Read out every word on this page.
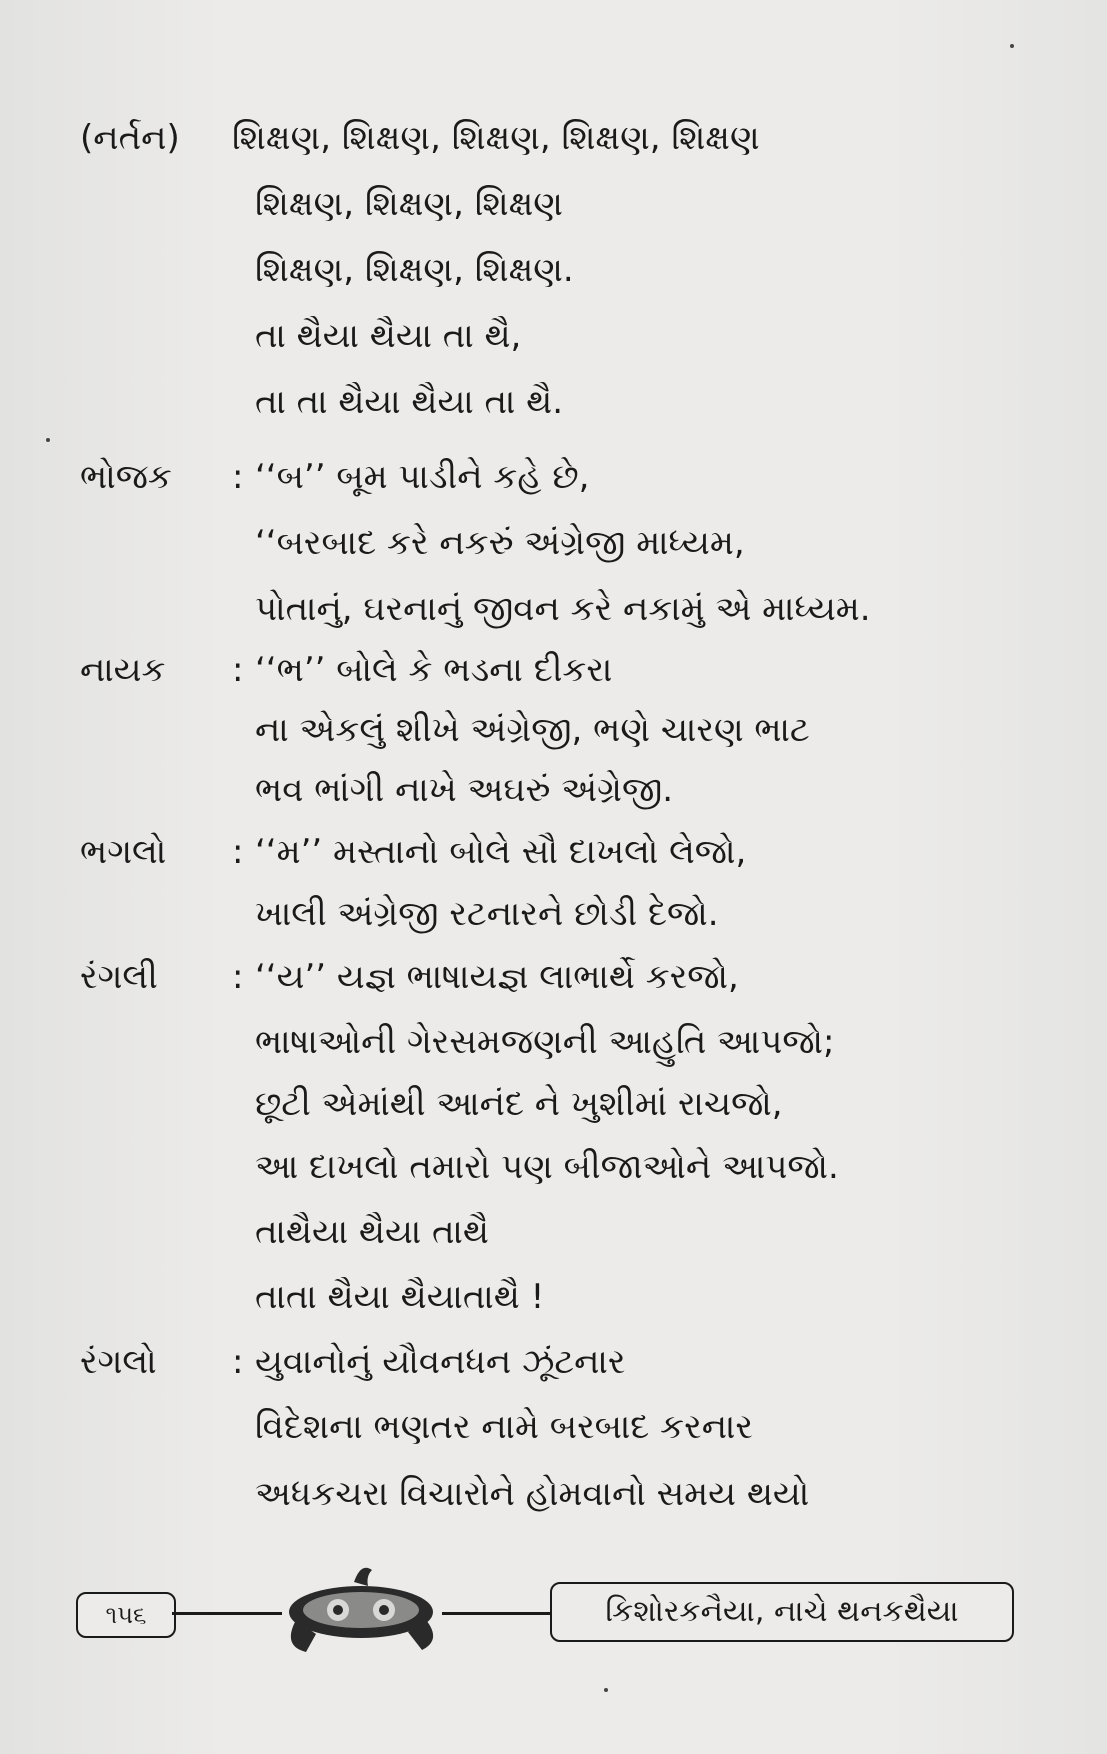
(નર્તન) શિક્ષણ, શિક્ષણ, શિક્ષણ, શિક્ષણ, શિક્ષણ
શિક્ષણ, શિક્ષણ, શિક્ષણ
શિક્ષણ, શિક્ષણ, શિક્ષણ.
તા થૈયા થૈયા તા થૈ,
તા તા થૈયા થૈયા તા થૈ.
ભોજક : ‘‘બ’’ બૂમ પાડીને કહે છે,
‘‘બરબાદ કરે નકરું અંગ્રેજી માધ્યમ,
પોતાનું, ઘરનાનું જીવન કરે નકામું એ માધ્યમ.
નાયક : ‘‘ભ’’ બોલે કે ભડના દીકરા
ના એકલું શીખે અંગ્રેજી, ભણે ચારણ ભાટ
ભવ ભાંગી નાખે અઘરું અંગ્રેજી.
ભગલો : ‘‘મ’’ મસ્તાનો બોલે સૌ દાખલો લેજો,
ખાલી અંગ્રેજી રટનારને છોડી દેજો.
રંગલી : ‘‘ય’’ યજ્ઞ ભાષાયજ્ઞ લાભાર્થે કરજો,
ભાષાઓની ગેરસમજણની આહુતિ આપજો;
છૂટી એમાંથી આનંદ ને ખુશીમાં રાચજો,
આ દાખલો તમારો પણ બીજાઓને આપજો.
તાથૈયા થૈયા તાથૈ
તાતા થૈયા થૈયાતાથૈ !
રંગલો : યુવાનોનું યૌવનધન ઝૂંટનાર
વિદેશના ભણતર નામે બરબાદ કરનાર
અધકચરા વિચારોને હોમવાનો સમય થયો
૧૫૬	કિશોરકનૈયા, નાચે થનકથૈયા
